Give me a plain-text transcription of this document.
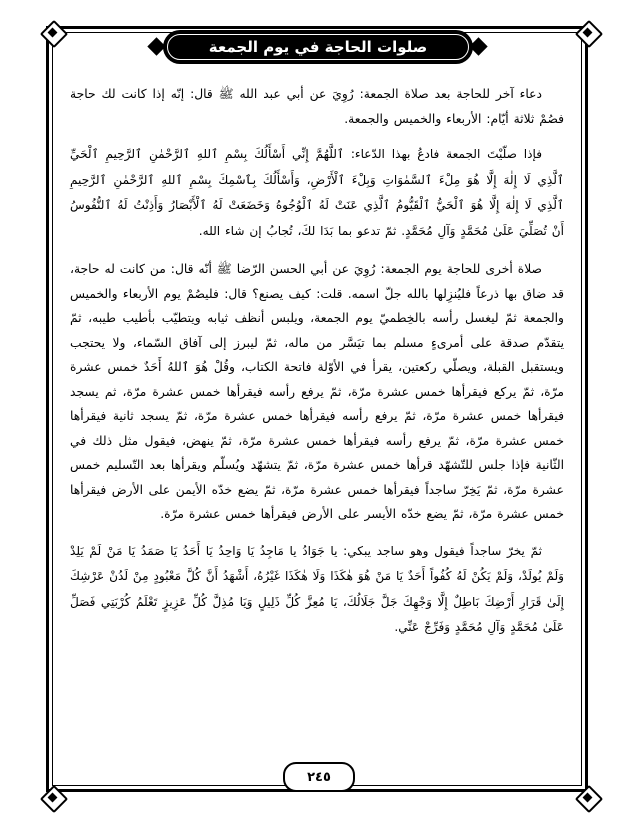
صلوات الحاجة في يوم الجمعة

دعاء آخر للحاجة بعد صلاة الجمعة: رُوِيَ عن أبي عبد الله ﷺ قال: إنّه إذا كانت لك حاجة فصُمْ ثلاثة أيّام: الأربعاء والخميس والجمعة.

فإذا صلّيْتَ الجمعة فادعُ بهذا الدّعاء: ٱللَّهُمَّ إِنِّي أَسْأَلُكَ بِسْمِ ٱللهِ ٱلرَّحْمٰنِ ٱلرَّحِيمِ ٱلْحَيِّ ٱلَّذِي لَا إِلٰهَ إِلَّا هُوَ مِلْءَ ٱلسَّمٰوَاتِ وَبِلْءَ ٱلْأَرْضِ، وَأَسْأَلُكَ بِٱسْمِكَ بِسْمِ ٱللهِ ٱلرَّحْمٰنِ ٱلرَّحِيمِ ٱلَّذِي لَا إِلٰهَ إِلَّا هُوَ ٱلْحَيُّ ٱلْقَيُّومُ ٱلَّذِي عَنَتْ لَهُ ٱلْوُجُوهُ وَخَضَعَتْ لَهُ ٱلْأَبْصَارُ وَأَذِنْتُ لَهُ ٱلنُّفُوسُ أَنْ تُصَلِّيَ عَلَىٰ مُحَمَّدٍ وَآلِ مُحَمَّدٍ. ثمّ تدعو بما بَدَا لكَ، تُجابُ إن شاء الله.

صلاة أخرى للحاجة يوم الجمعة: رُوِيَ عن أبي الحسن الرّضا ﷺ أنّه قال: من كانت له حاجة، قد ضاق بها ذرعاً فليُنزِلها بالله جلّ اسمه. قلت: كيف يصنع؟ قال: فليصُمْ يوم الأربعاء والخميس والجمعة ثمّ ليغسل رأسه بالخِطميّ يوم الجمعة، ويلبس أنظف ثيابه ويتطيّب بأطيب طيبه، ثمّ يتقدّم صدقة على أمرىءٍ مسلم بما تيَسَّر من ماله، ثمّ ليبرز إلى آفاق السّماء، ولا يحتجب ويستقبل القبلة، ويصلّي ركعتين، يقرأ في الأوّلة فاتحة الكتاب، وقُلْ هُوَ ٱللهُ أَحَدٌ خمس عشرة مرّة، ثمّ يركع فيقرأها خمس عشرة مرّة، ثمّ يرفع رأسه فيقرأها خمس عشرة مرّة، ثم يسجد فيقرأها خمس عشرة مرّة، ثمّ يرفع رأسه فيقرأها خمس عشرة مرّة، ثمّ يسجد ثانية فيقرأها خمس عشرة مرّة، ثمّ يرفع رأسه فيقرأها خمس عشرة مرّة، ثمّ ينهض، فيقول مثل ذلك في الثّانية فإذا جلس للتّشهّد قرأها خمس عشرة مرّة، ثمّ يتشهّد ويُسلّم ويقرأها بعد التّسليم خمس عشرة مرّة، ثمّ يَخِرّ ساجداً فيقرأها خمس عشرة مرّة، ثمّ يضع خدّه الأيمن على الأرض فيقرأها خمس عشرة مرّة، ثمّ يضع خدّه الأيسر على الأرض فيقرأها خمس عشرة مرّة.

ثمّ يخرّ ساجداً فيقول وهو ساجد يبكي: يا جَوَادُ يا مَاجِدُ يَا وَاحِدُ يَا أَحَدُ يَا صَمَدُ يَا مَنْ لَمْ يَلِدْ وَلَمْ يُولَدْ، وَلَمْ يَكُنْ لَهُ كُفُواً أَحَدٌ يَا مَنْ هُوَ هٰكَذَا وَلَا هٰكَذَا غَيْرُهُ، أَشْهَدُ أَنَّ كُلَّ مَعْبُودٍ مِنْ لَدُنْ عَرْشِكَ إِلَىٰ قَرَارِ أَرْضِكَ بَاطِلٌ إِلَّا وَجْهِكَ جَلَّ جَلَالُكَ، يَا مُعِزَّ كُلِّ ذَلِيلٍ وَيَا مُذِلَّ كُلِّ عَزِيزٍ تَعْلَمُ كُرْبَتِي فَصَلِّ عَلَىٰ مُحَمَّدٍ وَآلِ مُحَمَّدٍ وَفَرِّجْ عَنِّي.

٢٤٥
